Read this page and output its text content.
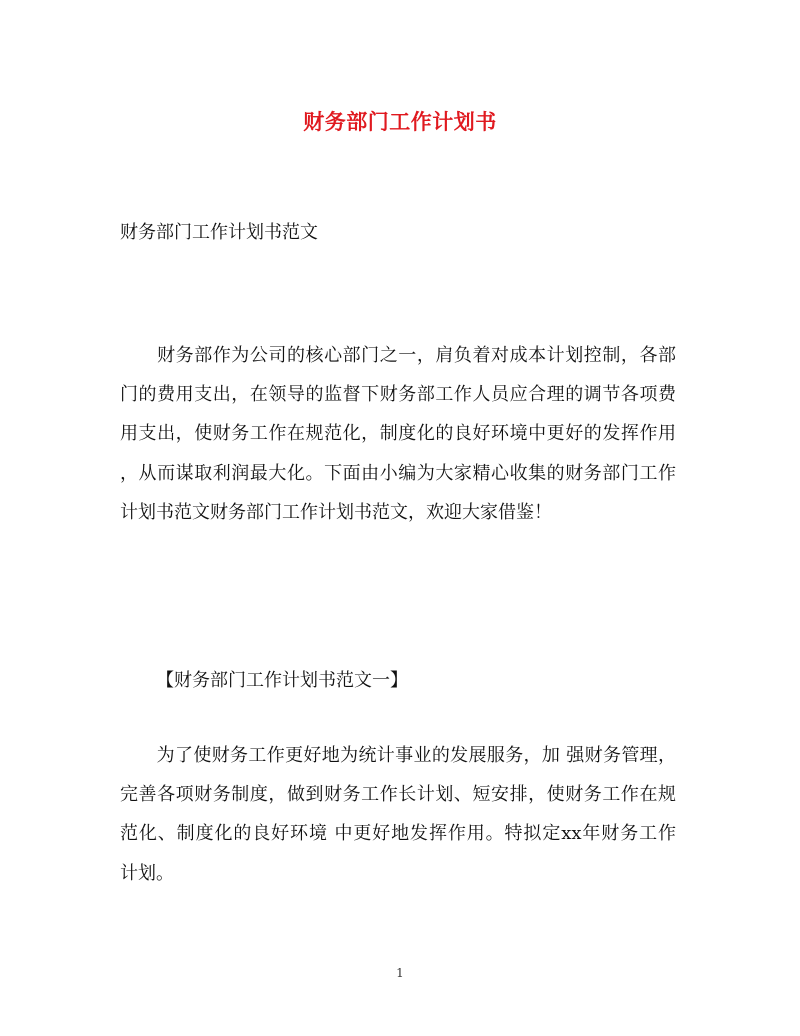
财务部门工作计划书
财务部门工作计划书范文
　　财务部作为公司的核心部门之一，肩负着对成本计划控制，各部
门的费用支出，在领导的监督下财务部工作人员应合理的调节各项费
用支出，使财务工作在规范化，制度化的良好环境中更好的发挥作用
，从而谋取利润最大化。下面由小编为大家精心收集的财务部门工作
计划书范文财务部门工作计划书范文，欢迎大家借鉴！
【财务部门工作计划书范文一】
　　为了使财务工作更好地为统计事业的发展服务，加 强财务管理，
完善各项财务制度，做到财务工作长计划、短安排，使财务工作在规
范化、制度化的良好环境 中更好地发挥作用。特拟定xx年财务工作
计划。
1
